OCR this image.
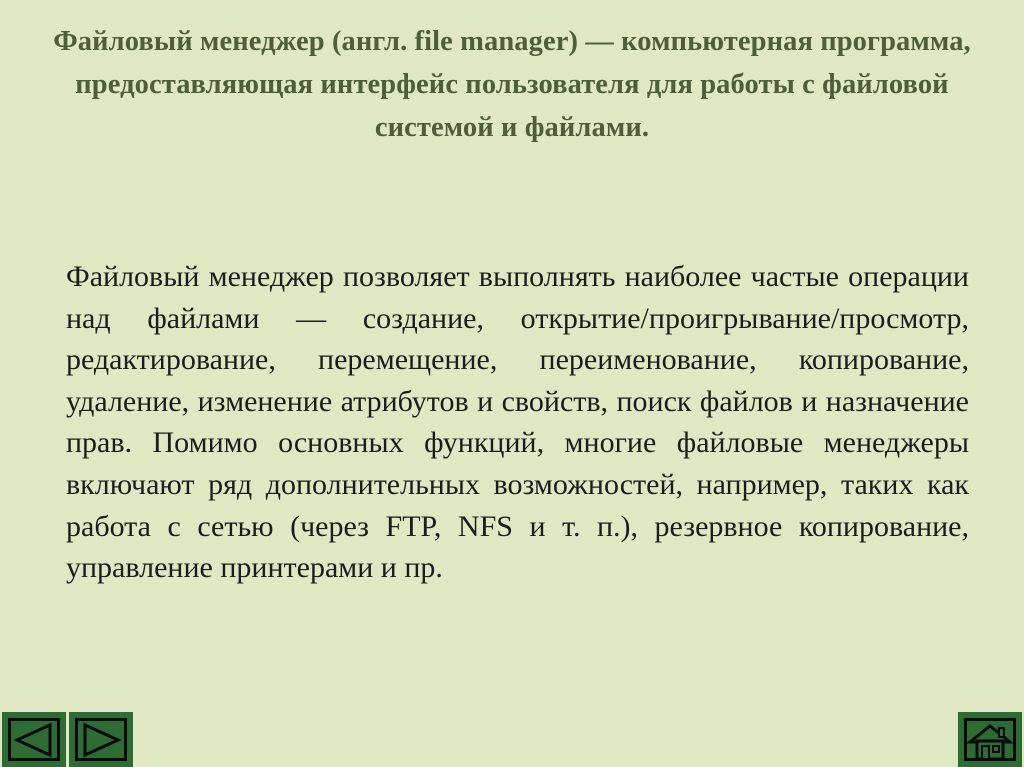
Файловый менеджер (англ. file manager) — компьютерная программа, предоставляющая интерфейс пользователя для работы с файловой системой и файлами.

Файловый менеджер позволяет выполнять наиболее частые операции над файлами — создание, открытие/проигрывание/просмотр, редактирование, перемещение, переименование, копирование, удаление, изменение атрибутов и свойств, поиск файлов и назначение прав. Помимо основных функций, многие файловые менеджеры включают ряд дополнительных возможностей, например, таких как работа с сетью (через FTP, NFS и т. п.), резервное копирование, управление принтерами и пр.
